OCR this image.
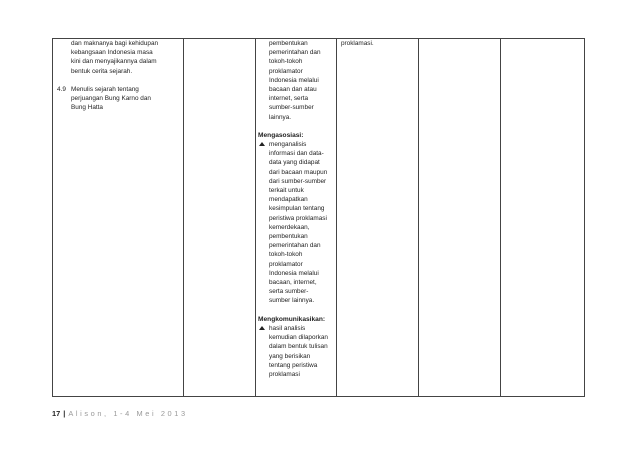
dan maknanya bagi kehidupan
kebangsaan Indonesia masa
kini dan menyajikannya dalam
bentuk cerita sejarah.
4.9 Menulis sejarah tentang
perjuangan Bung Karno dan
Bung Hatta
pembentukan
pemerintahan dan
tokoh-tokoh
proklamator
Indonesia melalui
bacaan dan atau
internet, serta
sumber-sumber
lainnya.
Mengasosiasi:
menganalisis
informasi dan data-
data yang didapat
dari bacaan maupun
dari sumber-sumber
terkait untuk
mendapatkan
kesimpulan tentang
peristiwa proklamasi
kemerdekaan,
pembentukan
pemerintahan dan
tokoh-tokoh
proklamator
Indonesia melalui
bacaan, internet,
serta sumber-
sumber lainnya.
Mengkomunikasikan:
hasil analisis
kemudian dilaporkan
dalam bentuk tulisan
yang berisikan
tentang peristiwa
proklamasi
proklamasi.
17 | Alison, 1-4 Mei 2013
